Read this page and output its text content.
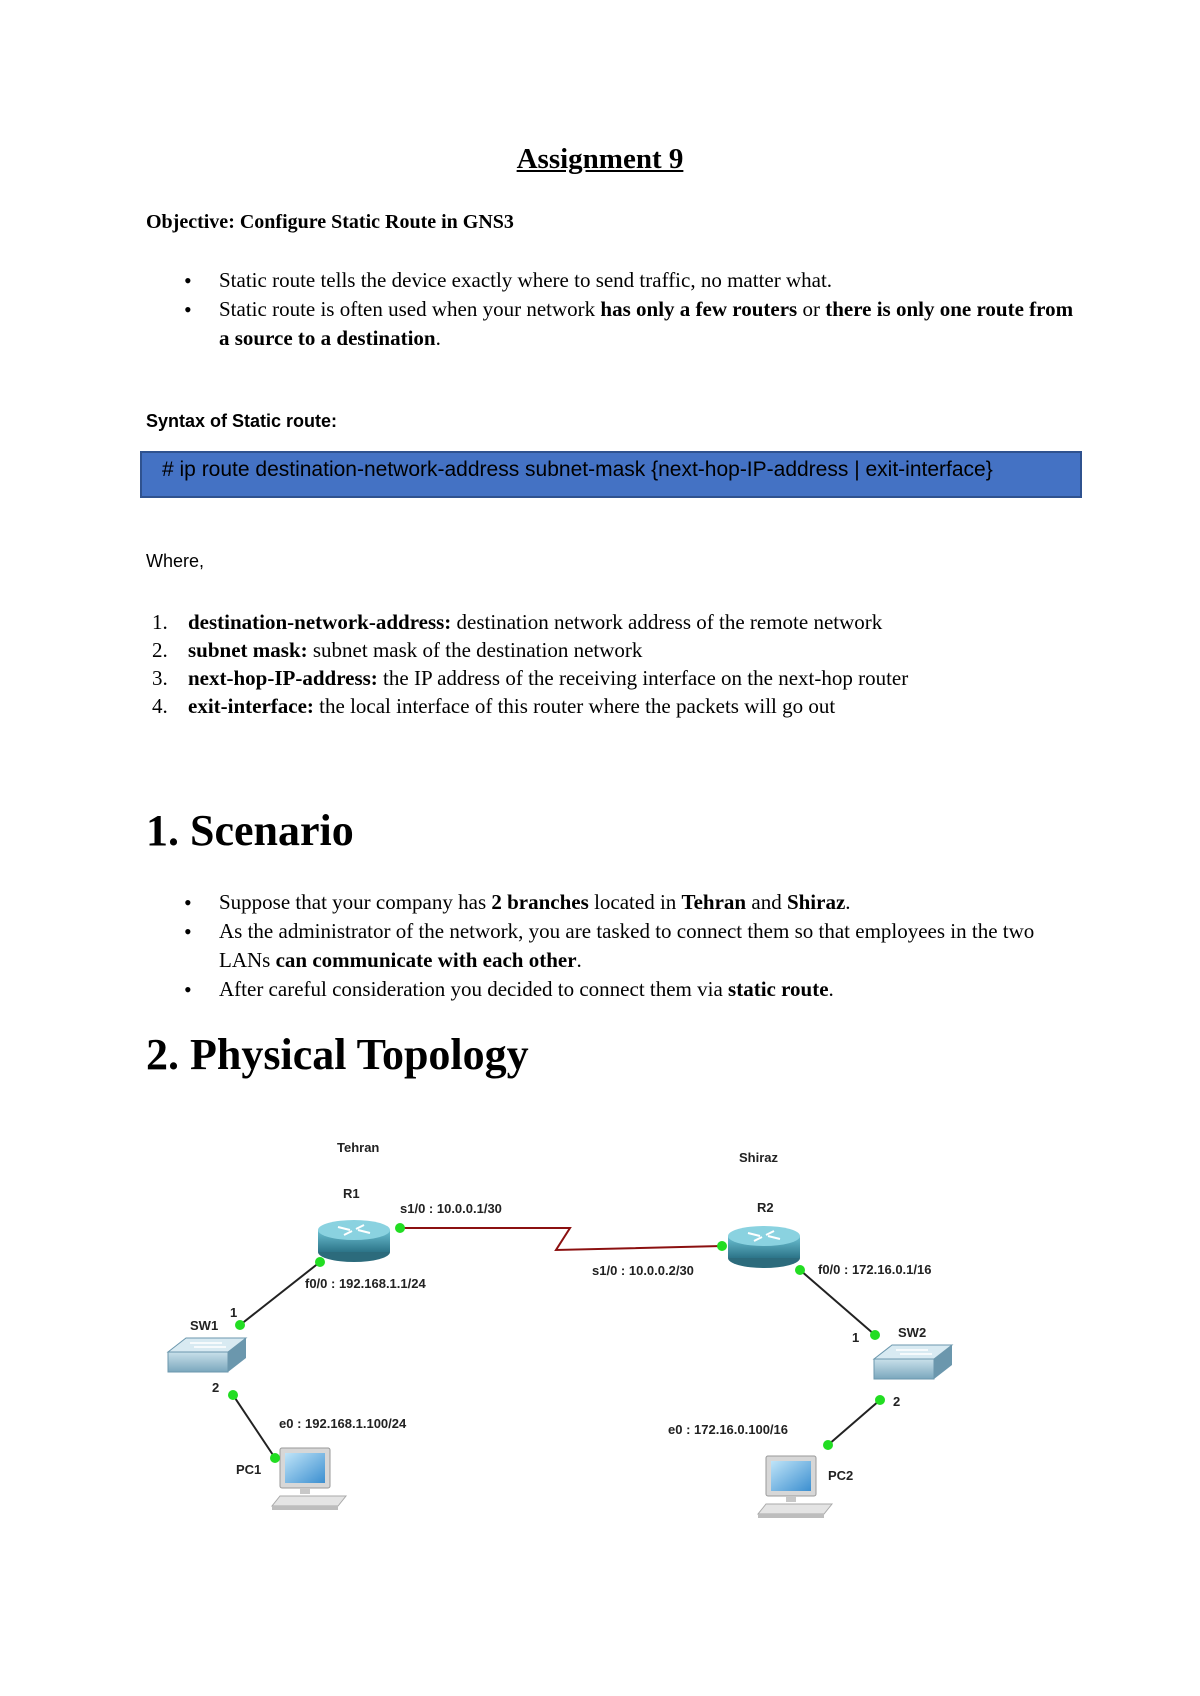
Assignment 9
Objective: Configure Static Route in GNS3
• Static route tells the device exactly where to send traffic, no matter what.
• Static route is often used when your network has only a few routers or there is only one route from a source to a destination.
Syntax of Static route:
# ip route destination-network-address subnet-mask {next-hop-IP-address | exit-interface}
Where,
1. destination-network-address: destination network address of the remote network
2. subnet mask: subnet mask of the destination network
3. next-hop-IP-address: the IP address of the receiving interface on the next-hop router
4. exit-interface: the local interface of this router where the packets will go out
1. Scenario
• Suppose that your company has 2 branches located in Tehran and Shiraz.
• As the administrator of the network, you are tasked to connect them so that employees in the two LANs can communicate with each other.
• After careful consideration you decided to connect them via static route.
2. Physical Topology
Tehran
Shiraz
R1
s1/0 : 10.0.0.1/30
f0/0 : 192.168.1.1/24
R2
s1/0 : 10.0.0.2/30	f0/0 : 172.16.0.1/16
SW1
1
2
SW2
1
2
e0 : 192.168.1.100/24
PC1
e0 : 172.16.0.100/16
PC2
